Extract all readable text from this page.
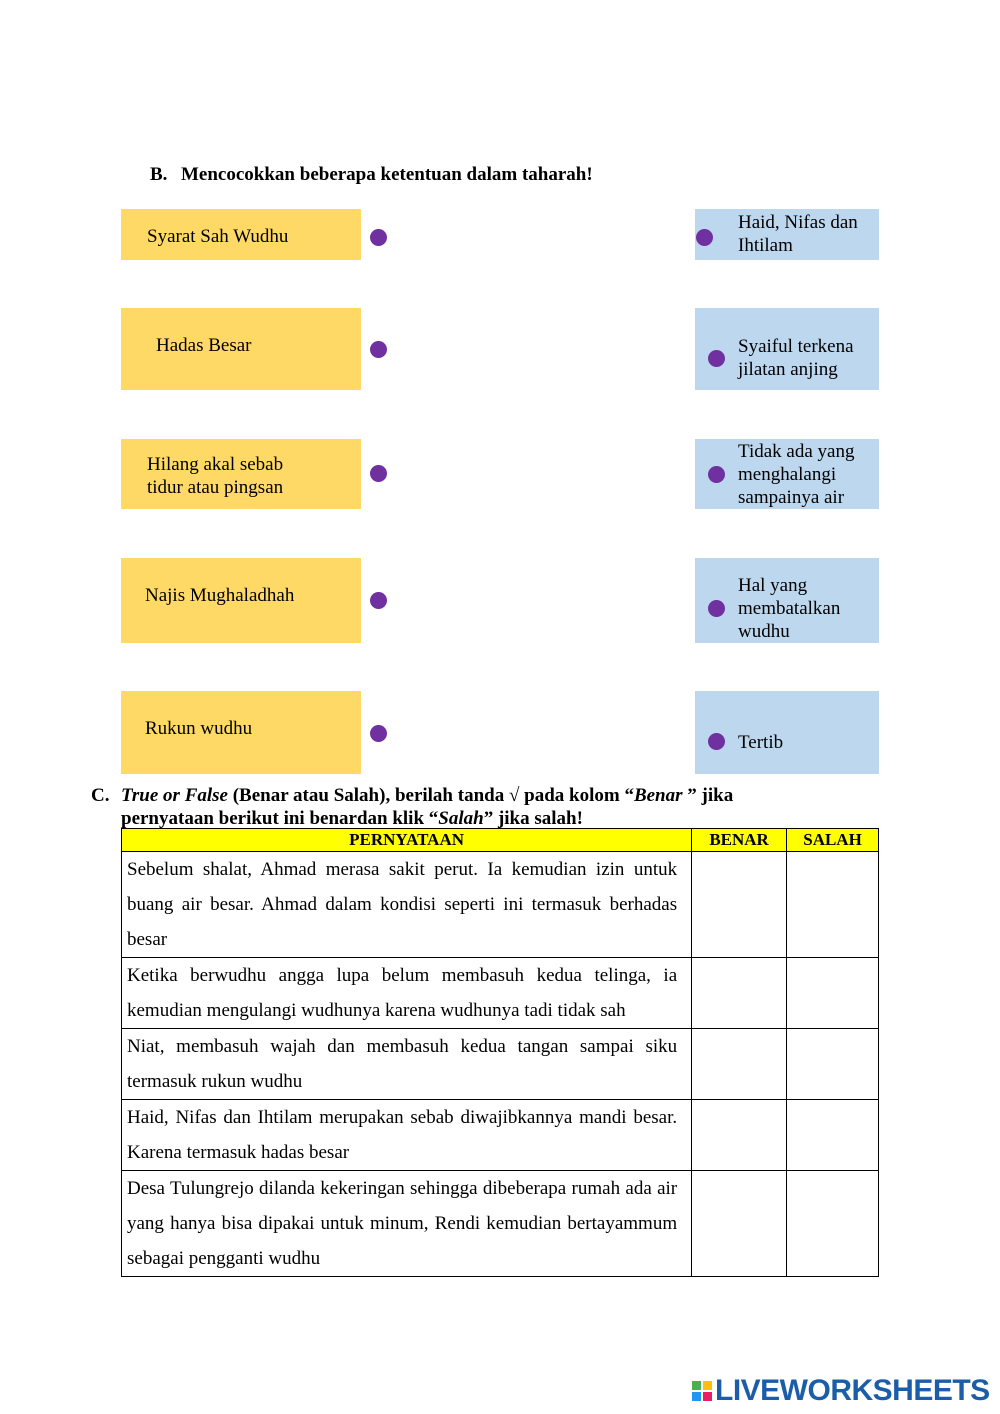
B. Mencocokkan beberapa ketentuan dalam taharah!
Syarat Sah Wudhu
Hadas Besar
Hilang akal sebab tidur atau pingsan
Najis Mughaladhah
Rukun wudhu
Haid, Nifas dan Ihtilam
Syaiful terkena jilatan anjing
Tidak ada yang menghalangi sampainya air
Hal yang membatalkan wudhu
Tertib
C. True or False (Benar atau Salah), berilah tanda √ pada kolom “Benar ” jika
pernyataan berikut ini benardan klik “Salah” jika salah!
PERNYATAAN	BENAR	SALAH
Sebelum shalat, Ahmad merasa sakit perut. Ia kemudian izin untuk buang air besar. Ahmad dalam kondisi seperti ini termasuk berhadas besar		
Ketika berwudhu angga lupa belum membasuh kedua telinga, ia kemudian mengulangi wudhunya karena wudhunya tadi tidak sah		
Niat, membasuh wajah dan membasuh kedua tangan sampai siku termasuk rukun wudhu		
Haid, Nifas dan Ihtilam merupakan sebab diwajibkannya mandi besar. Karena termasuk hadas besar		
Desa Tulungrejo dilanda kekeringan sehingga dibeberapa rumah ada air yang hanya bisa dipakai untuk minum, Rendi kemudian bertayammum sebagai pengganti wudhu		
LIVEWORKSHEETS
